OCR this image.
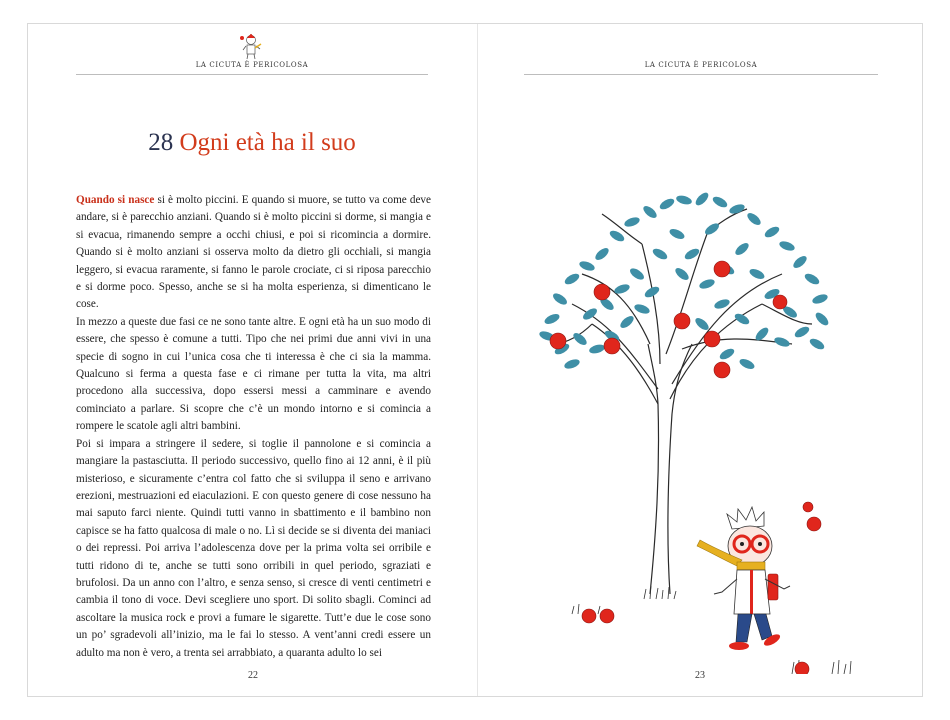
LA CICUTA È PERICOLOSA
28 Ogni età ha il suo

Quando si nasce si è molto piccini. E quando si muore, se tutto va come deve andare, si è parecchio anziani. Quando si è molto piccini si dorme, si mangia e si evacua, rimanendo sempre a occhi chiusi, e poi si ricomincia a dormire. Quando si è molto anziani si osserva molto da dietro gli occhiali, si mangia leggero, si evacua raramente, si fanno le parole crociate, ci si riposa parecchio e si dorme poco. Spesso, anche se si ha molta esperienza, si dimenticano le cose.

In mezzo a queste due fasi ce ne sono tante altre. E ogni età ha un suo modo di essere, che spesso è comune a tutti. Tipo che nei primi due anni vivi in una specie di sogno in cui l’unica cosa che ti interessa è che ci sia la mamma. Qualcuno si ferma a questa fase e ci rimane per tutta la vita, ma altri procedono alla successiva, dopo essersi messi a camminare e avendo cominciato a parlare. Si scopre che c’è un mondo intorno e si comincia a rompere le scatole agli altri bambini.

Poi si impara a stringere il sedere, si toglie il pannolone e si comincia a mangiare la pastasciutta. Il periodo successivo, quello fino ai 12 anni, è il più misterioso, e sicuramente c’entra col fatto che si sviluppa il seno e arrivano erezioni, mestruazioni ed eiaculazioni. E con questo genere di cose nessuno ha mai saputo farci niente. Quindi tutti vanno in sbattimento e il bambino non capisce se ha fatto qualcosa di male o no. Lì si decide se si diventa dei maniaci o dei repressi. Poi arriva l’adolescenza dove per la prima volta sei orribile e tutti ridono di te, anche se tutti sono orribili in quel periodo, sgraziati e brufolosi. Da un anno con l’altro, e senza senso, si cresce di venti centimetri e cambia il tono di voce. Devi scegliere uno sport. Di solito sbagli. Cominci ad ascoltare la musica rock e provi a fumare le sigarette. Tutt’e due le cose sono un po’ sgradevoli all’inizio, ma le fai lo stesso. A vent’anni credi essere un adulto ma non è vero, a trenta sei arrabbiato, a quaranta adulto lo sei

22
LA CICUTA È PERICOLOSA
23
